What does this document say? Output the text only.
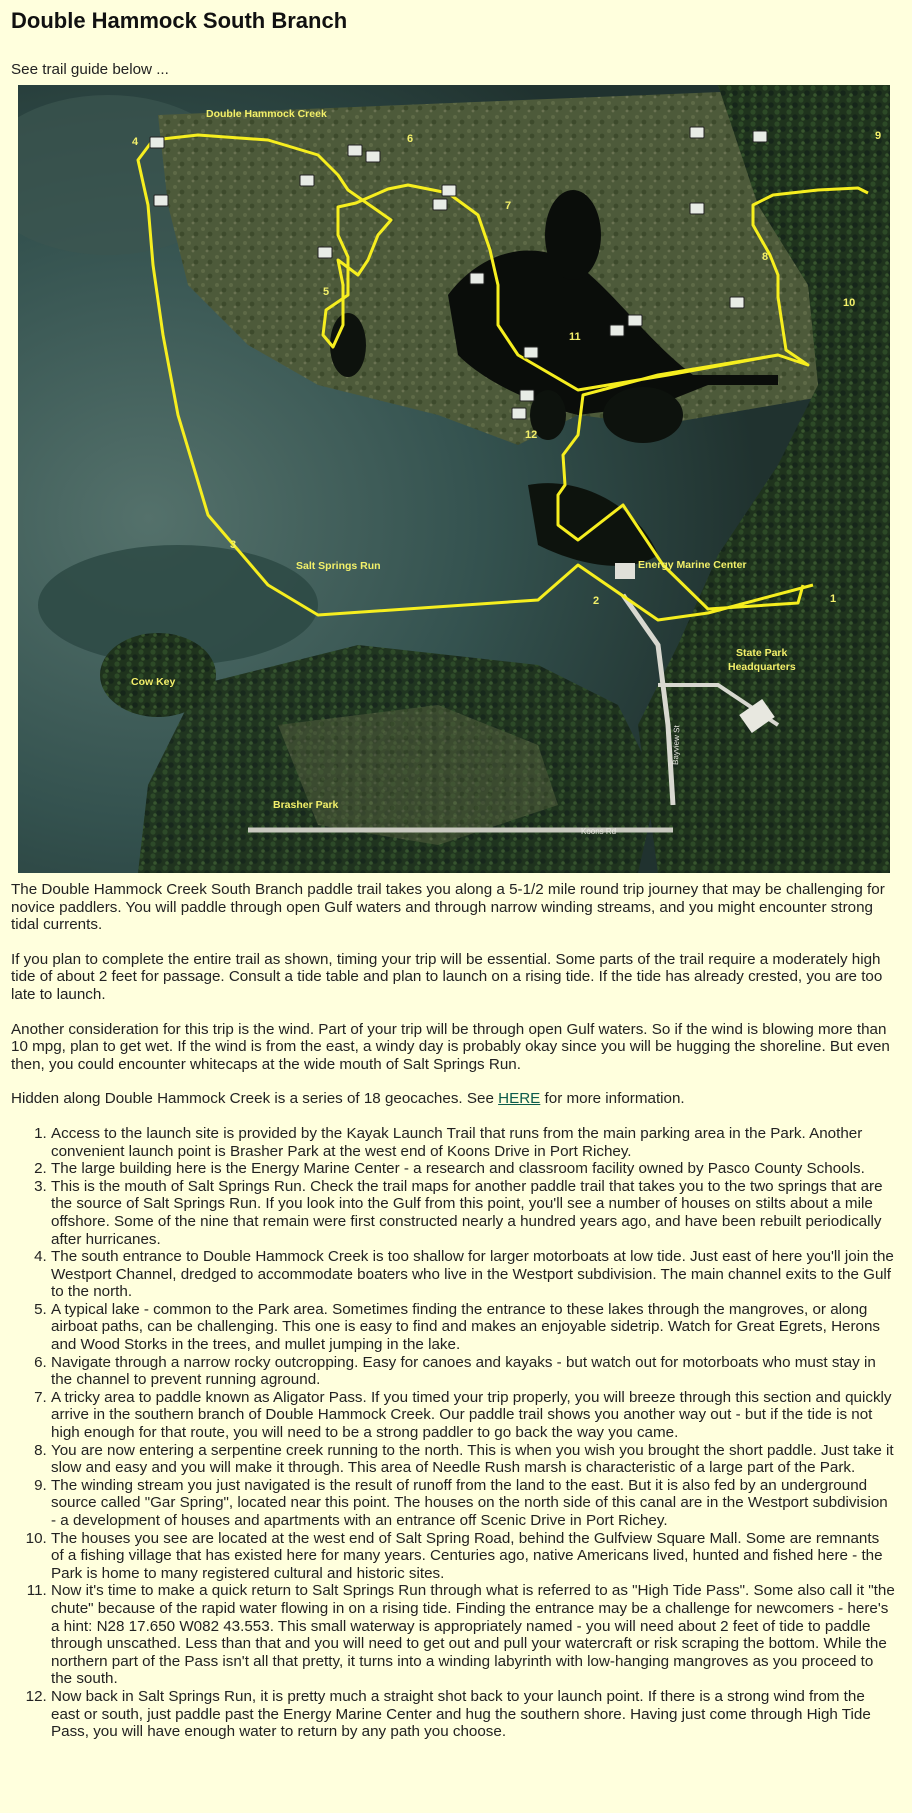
Double Hammock South Branch
See trail guide below ...
1
2
3
4
5
6
7
8
9
10
11
12
Double Hammock Creek
Salt Springs Run	Energy Marine Center
State Park
Headquarters
Cow Key
Brasher Park
Koons Rd
Bayview St

The Double Hammock Creek South Branch paddle trail takes you along a 5-1/2 mile round trip journey that may be challenging for novice paddlers. You will paddle through open Gulf waters and through narrow winding streams, and you might encounter strong tidal currents.

If you plan to complete the entire trail as shown, timing your trip will be essential. Some parts of the trail require a moderately high tide of about 2 feet for passage. Consult a tide table and plan to launch on a rising tide. If the tide has already crested, you are too late to launch.

Another consideration for this trip is the wind. Part of your trip will be through open Gulf waters. So if the wind is blowing more than 10 mpg, plan to get wet. If the wind is from the east, a windy day is probably okay since you will be hugging the shoreline. But even then, you could encounter whitecaps at the wide mouth of Salt Springs Run.

Hidden along Double Hammock Creek is a series of 18 geocaches. See HERE for more information.

1. Access to the launch site is provided by the Kayak Launch Trail that runs from the main parking area in the Park. Another convenient launch point is Brasher Park at the west end of Koons Drive in Port Richey.
2. The large building here is the Energy Marine Center - a research and classroom facility owned by Pasco County Schools.
3. This is the mouth of Salt Springs Run. Check the trail maps for another paddle trail that takes you to the two springs that are the source of Salt Springs Run. If you look into the Gulf from this point, you'll see a number of houses on stilts about a mile offshore. Some of the nine that remain were first constructed nearly a hundred years ago, and have been rebuilt periodically after hurricanes.
4. The south entrance to Double Hammock Creek is too shallow for larger motorboats at low tide. Just east of here you'll join the Westport Channel, dredged to accommodate boaters who live in the Westport subdivision. The main channel exits to the Gulf to the north.
5. A typical lake - common to the Park area. Sometimes finding the entrance to these lakes through the mangroves, or along airboat paths, can be challenging. This one is easy to find and makes an enjoyable sidetrip. Watch for Great Egrets, Herons and Wood Storks in the trees, and mullet jumping in the lake.
6. Navigate through a narrow rocky outcropping. Easy for canoes and kayaks - but watch out for motorboats who must stay in the channel to prevent running aground.
7. A tricky area to paddle known as Aligator Pass. If you timed your trip properly, you will breeze through this section and quickly arrive in the southern branch of Double Hammock Creek. Our paddle trail shows you another way out - but if the tide is not high enough for that route, you will need to be a strong paddler to go back the way you came.
8. You are now entering a serpentine creek running to the north. This is when you wish you brought the short paddle. Just take it slow and easy and you will make it through. This area of Needle Rush marsh is characteristic of a large part of the Park.
9. The winding stream you just navigated is the result of runoff from the land to the east. But it is also fed by an underground source called "Gar Spring", located near this point. The houses on the north side of this canal are in the Westport subdivision - a development of houses and apartments with an entrance off Scenic Drive in Port Richey.
10. The houses you see are located at the west end of Salt Spring Road, behind the Gulfview Square Mall. Some are remnants of a fishing village that has existed here for many years. Centuries ago, native Americans lived, hunted and fished here - the Park is home to many registered cultural and historic sites.
11. Now it's time to make a quick return to Salt Springs Run through what is referred to as "High Tide Pass". Some also call it "the chute" because of the rapid water flowing in on a rising tide. Finding the entrance may be a challenge for newcomers - here's a hint: N28 17.650 W082 43.553. This small waterway is appropriately named - you will need about 2 feet of tide to paddle through unscathed. Less than that and you will need to get out and pull your watercraft or risk scraping the bottom. While the northern part of the Pass isn't all that pretty, it turns into a winding labyrinth with low-hanging mangroves as you proceed to the south.
12. Now back in Salt Springs Run, it is pretty much a straight shot back to your launch point. If there is a strong wind from the east or south, just paddle past the Energy Marine Center and hug the southern shore. Having just come through High Tide Pass, you will have enough water to return by any path you choose.
